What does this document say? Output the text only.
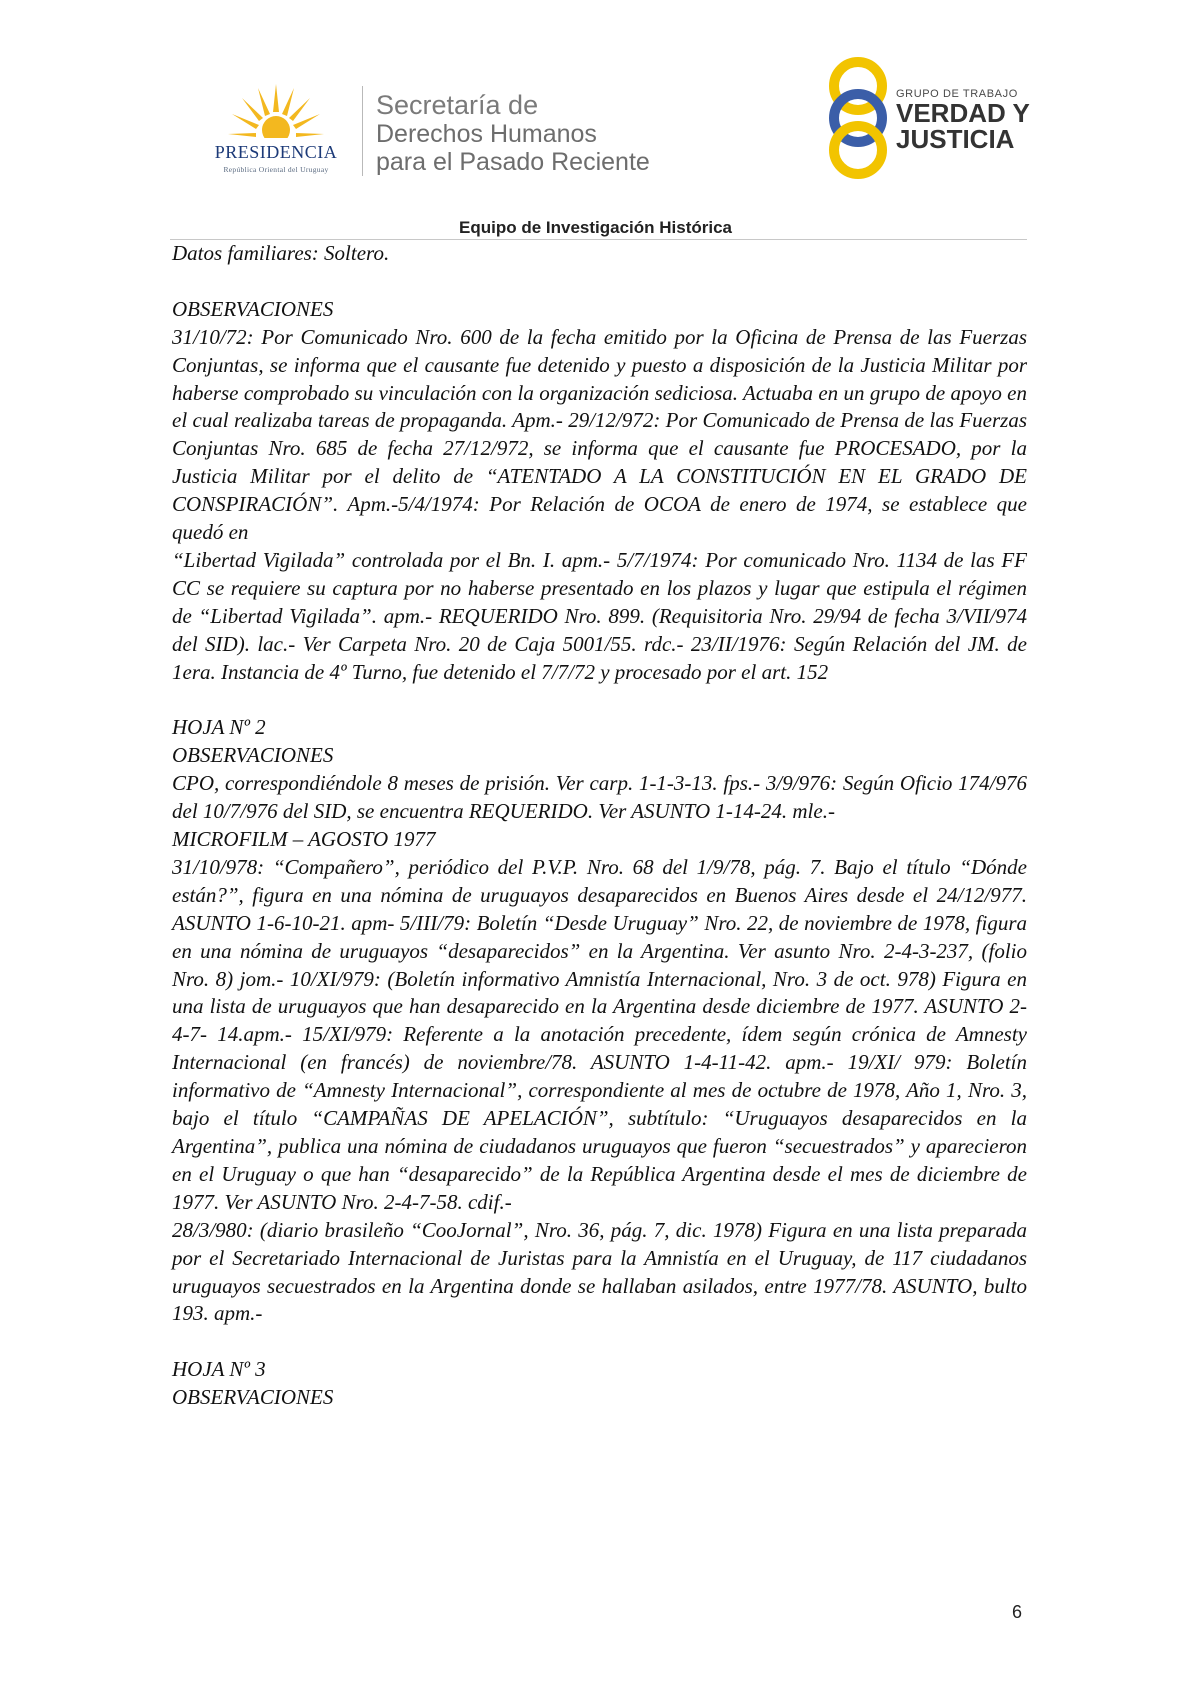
PRESIDENCIA
República Oriental del Uruguay
Secretaría de
Derechos Humanos
para el Pasado Reciente
GRUPO DE TRABAJO
VERDAD Y
JUSTICIA
Equipo de Investigación Histórica

Datos familiares: Soltero.

OBSERVACIONES

31/10/72: Por Comunicado Nro. 600 de la fecha emitido por la Oficina de Prensa de las Fuerzas Conjuntas, se informa que el causante fue detenido y puesto a disposición de la Justicia Militar por haberse comprobado su vinculación con la organización sediciosa. Actuaba en un grupo de apoyo en el cual realizaba tareas de propaganda. Apm.- 29/12/972: Por Comunicado de Prensa de las Fuerzas Conjuntas Nro. 685 de fecha 27/12/972, se informa que el causante fue PROCESADO, por la Justicia Militar por el delito de “ATENTADO A LA CONSTITUCIÓN EN EL GRADO DE CONSPIRACIÓN”. Apm.-5/4/1974: Por Relación de OCOA de enero de 1974, se establece que quedó en

“Libertad Vigilada” controlada por el Bn. I. apm.- 5/7/1974: Por comunicado Nro. 1134 de las FF CC se requiere su captura por no haberse presentado en los plazos y lugar que estipula el régimen de “Libertad Vigilada”. apm.- REQUERIDO Nro. 899. (Requisitoria Nro. 29/94 de fecha 3/VII/974 del SID). lac.- Ver Carpeta Nro. 20 de Caja 5001/55. rdc.- 23/II/1976: Según Relación del JM. de 1era. Instancia de 4º Turno, fue detenido el 7/7/72 y procesado por el art. 152

HOJA Nº 2

OBSERVACIONES

CPO, correspondiéndole 8 meses de prisión. Ver carp. 1-1-3-13. fps.- 3/9/976: Según Oficio 174/976 del 10/7/976 del SID, se encuentra REQUERIDO. Ver ASUNTO 1-14-24. mle.-

MICROFILM – AGOSTO 1977

31/10/978: “Compañero”, periódico del P.V.P. Nro. 68 del 1/9/78, pág. 7. Bajo el título “Dónde están?”, figura en una nómina de uruguayos desaparecidos en Buenos Aires desde el 24/12/977. ASUNTO 1-6-10-21. apm- 5/III/79: Boletín “Desde Uruguay” Nro. 22, de noviembre de 1978, figura en una nómina de uruguayos “desaparecidos” en la Argentina. Ver asunto Nro. 2-4-3-237, (folio Nro. 8) jom.- 10/XI/979: (Boletín informativo Amnistía Internacional, Nro. 3 de oct. 978) Figura en una lista de uruguayos que han desaparecido en la Argentina desde diciembre de 1977. ASUNTO 2-4-7- 14.apm.- 15/XI/979: Referente a la anotación precedente, ídem según crónica de Amnesty Internacional (en francés) de noviembre/78. ASUNTO 1-4-11-42. apm.- 19/XI/ 979: Boletín informativo de “Amnesty Internacional”, correspondiente al mes de octubre de 1978, Año 1, Nro. 3, bajo el título “CAMPAÑAS DE APELACIÓN”, subtítulo: “Uruguayos desaparecidos en la Argentina”, publica una nómina de ciudadanos uruguayos que fueron “secuestrados” y aparecieron en el Uruguay o que han “desaparecido” de la República Argentina desde el mes de diciembre de 1977. Ver ASUNTO Nro. 2-4-7-58. cdif.-

28/3/980: (diario brasileño “CooJornal”, Nro. 36, pág. 7, dic. 1978) Figura en una lista preparada por el Secretariado Internacional de Juristas para la Amnistía en el Uruguay, de 117 ciudadanos uruguayos secuestrados en la Argentina donde se hallaban asilados, entre 1977/78. ASUNTO, bulto 193. apm.-

HOJA Nº 3

OBSERVACIONES

6
